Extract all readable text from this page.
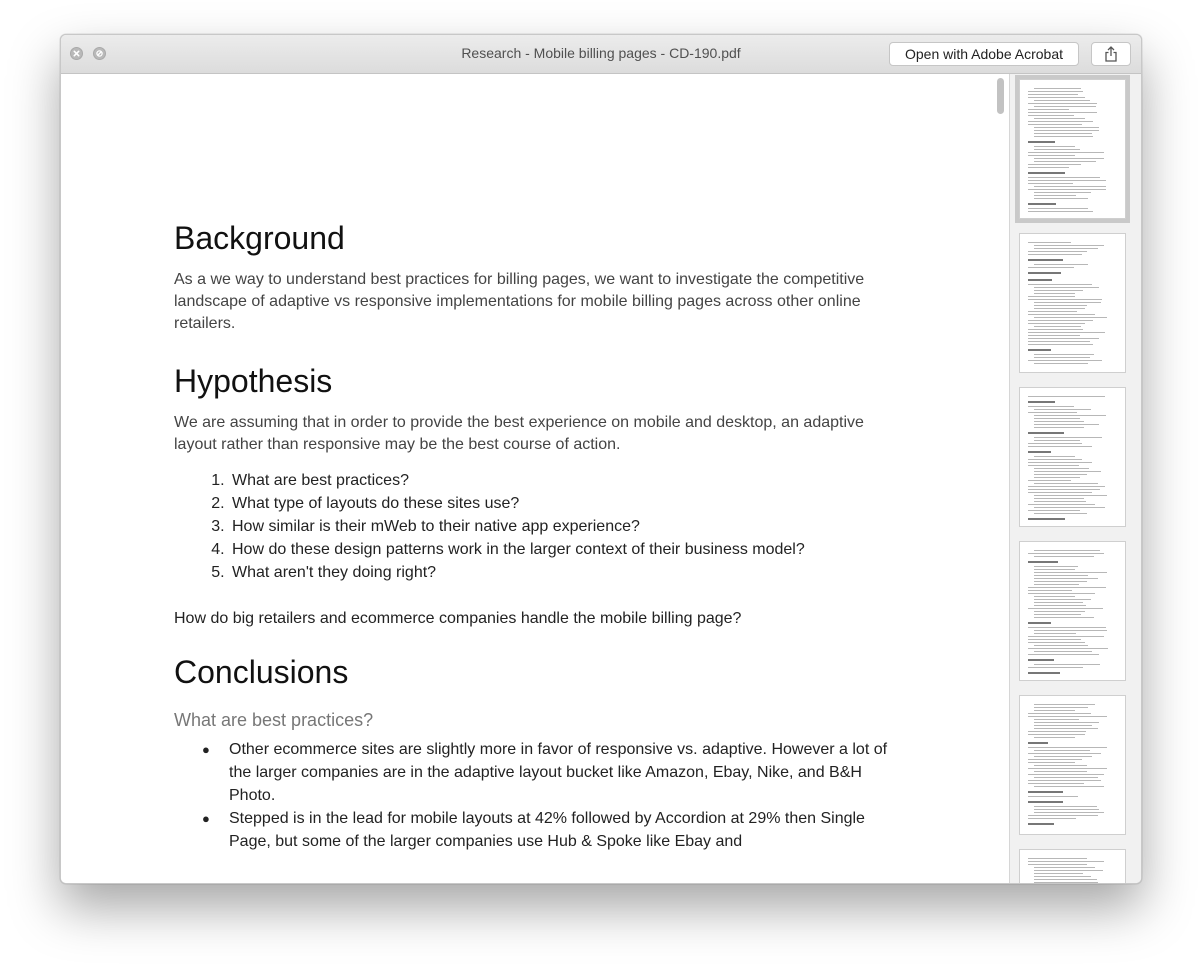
Research - Mobile billing pages - CD-190.pdf	Open with Adobe Acrobat
Background

As a we way to understand best practices for billing pages, we want to investigate the competitive landscape of adaptive vs responsive implementations for mobile billing pages across other online retailers.

Hypothesis

We are assuming that in order to provide the best experience on mobile and desktop, an adaptive layout rather than responsive may be the best course of action.

1. What are best practices?
2. What type of layouts do these sites use?
3. How similar is their mWeb to their native app experience?
4. How do these design patterns work in the larger context of their business model?
5. What aren't they doing right?

How do big retailers and ecommerce companies handle the mobile billing page?

Conclusions

What are best practices?

● Other ecommerce sites are slightly more in favor of responsive vs. adaptive. However a lot of the larger companies are in the adaptive layout bucket like Amazon, Ebay, Nike, and B&H Photo.
● Stepped is in the lead for mobile layouts at 42% followed by Accordion at 29% then Single Page, but some of the larger companies use Hub & Spoke like Ebay and
